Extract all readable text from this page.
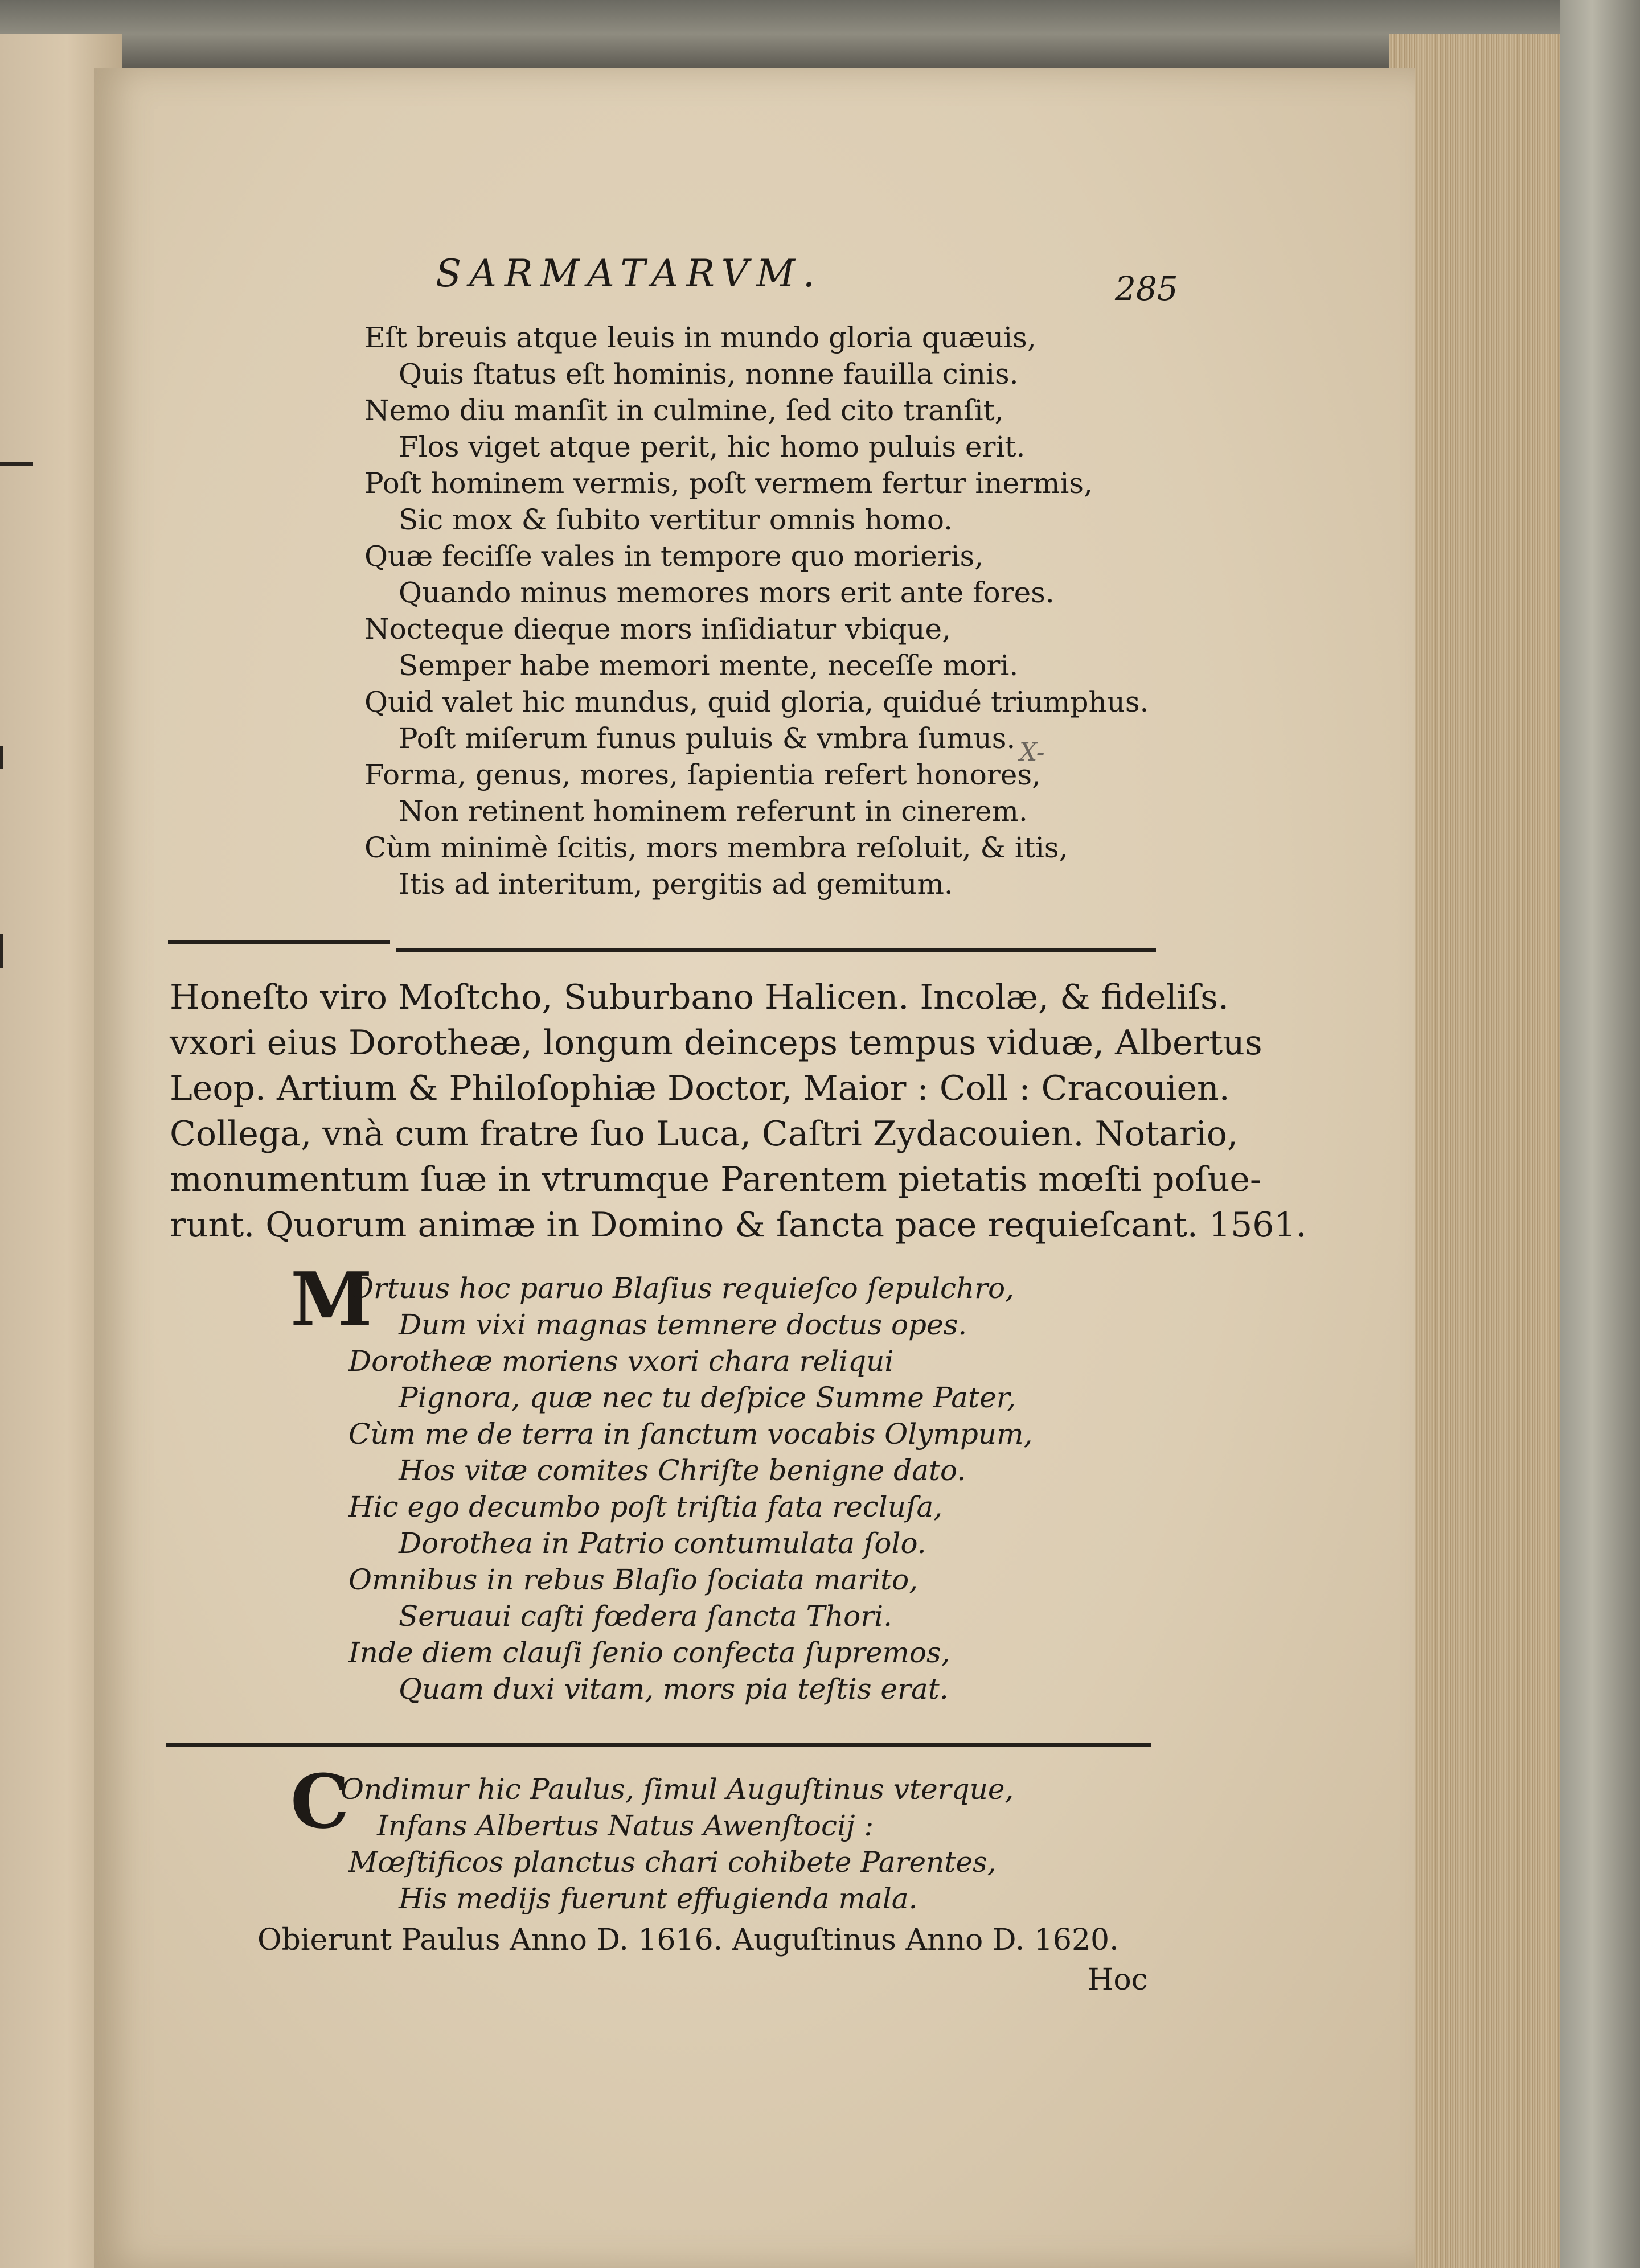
SARMATARVM.	285
Eſt breuis atque leuis in mundo gloria quæuis,
Quis ſtatus eſt hominis, nonne fauilla cinis.
Nemo diu manſit in culmine, ſed cito tranſit,
Flos viget atque perit, hic homo puluis erit.
Poſt hominem vermis, poſt vermem fertur inermis,
Sic mox & ſubito vertitur omnis homo.
Quæ feciſſe vales in tempore quo morieris,
Quando minus memores mors erit ante fores.
Nocteque dieque mors inſidiatur vbique,
Semper habe memori mente, neceſſe mori.
Quid valet hic mundus, quid gloria, quidué triumphus.
Poſt miſerum funus puluis & vmbra ſumus.
Forma, genus, mores, ſapientia refert honores,
Non retinent hominem referunt in cinerem.
Cùm minimè ſcitis, mors membra reſoluit, & itis,
Itis ad interitum, pergitis ad gemitum.
X-
Honeſto viro Moſtcho, Suburbano Halicen. Incolæ, & fideliſs.
vxori eius Dorotheæ, longum deinceps tempus viduæ, Albertus
Leop. Artium & Philoſophiæ Doctor, Maior : Coll : Cracouien.
Collega, vnà cum fratre ſuo Luca, Caſtri Zydacouien. Notario,
monumentum ſuæ in vtrumque Parentem pietatis mœſti poſue-
runt. Quorum animæ in Domino & ſancta pace requieſcant. 1561.
M
Ortuus hoc paruo Blaſius requieſco ſepulchro,
Dum vixi magnas temnere doctus opes.
Dorotheæ moriens vxori chara reliqui
Pignora, quæ nec tu deſpice Summe Pater,
Cùm me de terra in ſanctum vocabis Olympum,
Hos vitæ comites Chriſte benigne dato.
Hic ego decumbo poſt triſtia fata recluſa,
Dorothea in Patrio contumulata ſolo.
Omnibus in rebus Blaſio ſociata marito,
Seruaui caſti fœdera ſancta Thori.
Inde diem clauſi ſenio confecta ſupremos,
Quam duxi vitam, mors pia teſtis erat.
C
Ondimur hic Paulus, ſimul Auguſtinus vterque,
Infans Albertus Natus Awenſtocij :
Mœſtificos planctus chari cohibete Parentes,
His medijs fuerunt effugienda mala.
Obierunt Paulus Anno D. 1616. Auguſtinus Anno D. 1620.
Hoc
